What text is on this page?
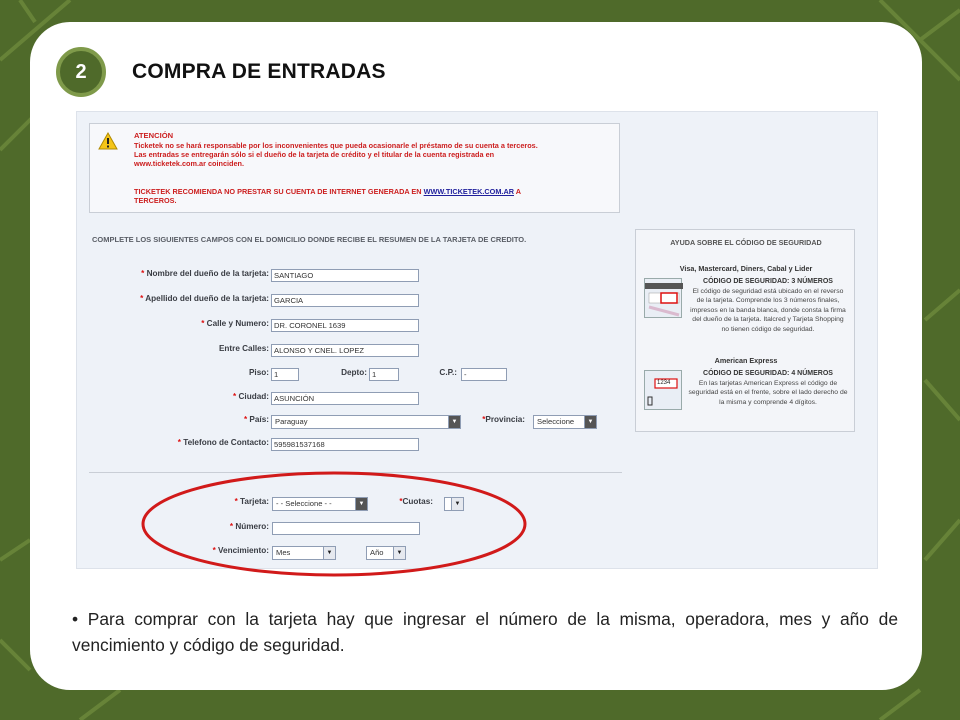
2	COMPRA DE ENTRADAS
ATENCIÓN
Ticketek no se hará responsable por los inconvenientes que pueda ocasionarle el préstamo de su cuenta a terceros.
Las entradas se entregarán sólo si el dueño de la tarjeta de crédito y el titular de la cuenta registrada en
www.ticketek.com.ar coinciden.
TICKETEK RECOMIENDA NO PRESTAR SU CUENTA DE INTERNET GENERADA EN WWW.TICKETEK.COM.AR A
TERCEROS.
COMPLETE LOS SIGUIENTES CAMPOS CON EL DOMICILIO DONDE RECIBE EL RESUMEN DE LA TARJETA DE CREDITO.
* Nombre del dueño de la tarjeta: SANTIAGO
* Apellido del dueño de la tarjeta: GARCIA
* Calle y Numero: DR. CORONEL 1639
Entre Calles: ALONSO Y CNEL. LOPEZ
Piso: 1	Depto: 1	C.P.: -
* Ciudad: ASUNCIÓN
* País: Paraguay	▼	*Provincia:	Seleccione	▼
* Telefono de Contacto: 595981537168
* Tarjeta: - - Seleccione - -	▼	*Cuotas:	▼
* Número:
* Vencimiento: Mes	▼	Año	▼
AYUDA SOBRE EL CÓDIGO DE SEGURIDAD
Visa, Mastercard, Diners, Cabal y Lider
CÓDIGO DE SEGURIDAD: 3 NÚMEROS
El código de seguridad está ubicado en el reverso de la tarjeta. Comprende los 3 números finales, impresos en la banda blanca, donde consta la firma del dueño de la tarjeta. Italcred y Tarjeta Shopping no tienen código de seguridad.
American Express
1234
CÓDIGO DE SEGURIDAD: 4 NÚMEROS
En las tarjetas American Express el código de seguridad está en el frente, sobre el lado derecho de la misma y comprende 4 dígitos.
• Para comprar con la tarjeta hay que ingresar el número de la misma, operadora, mes y año de vencimiento y código de seguridad.
